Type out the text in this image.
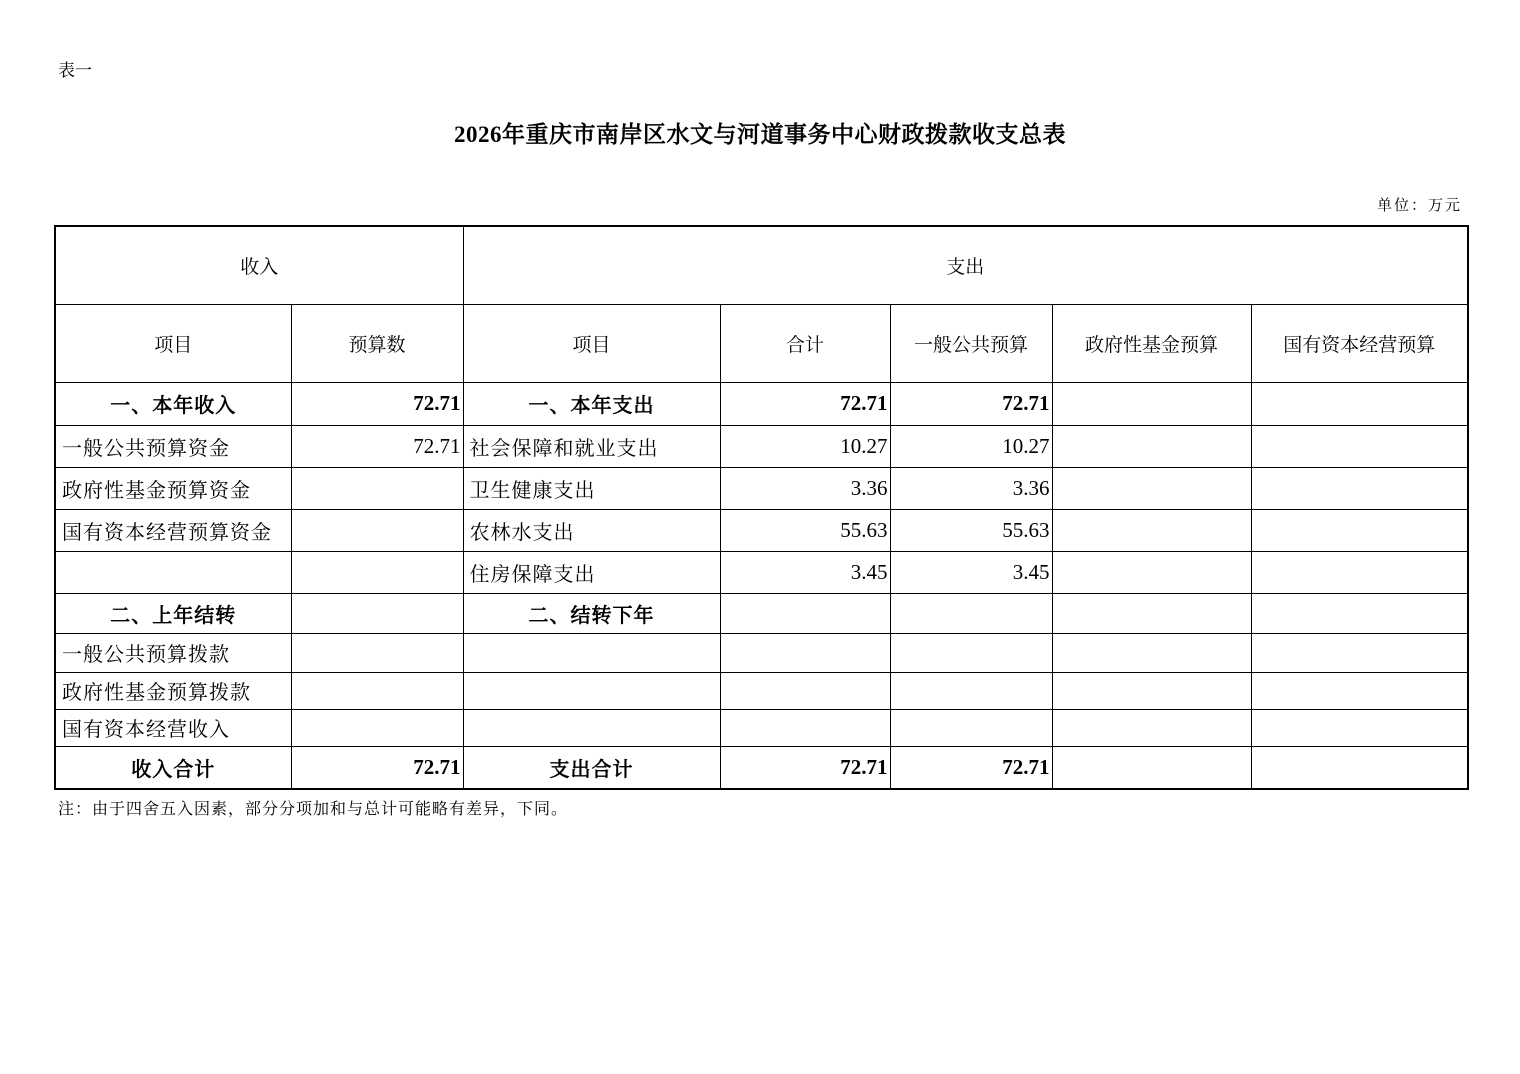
表一
2026年重庆市南岸区水文与河道事务中心财政拨款收支总表
单位：万元
收入		支出				
项目	预算数	项目	合计	一般公共预算	政府性基金预算	国有资本经营预算
一、本年收入	72.71	一、本年支出	72.71	72.71		
一般公共预算资金	72.71	社会保障和就业支出	10.27	10.27		
政府性基金预算资金		卫生健康支出	3.36	3.36		
国有资本经营预算资金		农林水支出	55.63	55.63		
		住房保障支出	3.45	3.45		
二、上年结转		二、结转下年				
一般公共预算拨款						
政府性基金预算拨款						
国有资本经营收入						
收入合计	72.71	支出合计	72.71	72.71		
注：由于四舍五入因素，部分分项加和与总计可能略有差异，下同。
